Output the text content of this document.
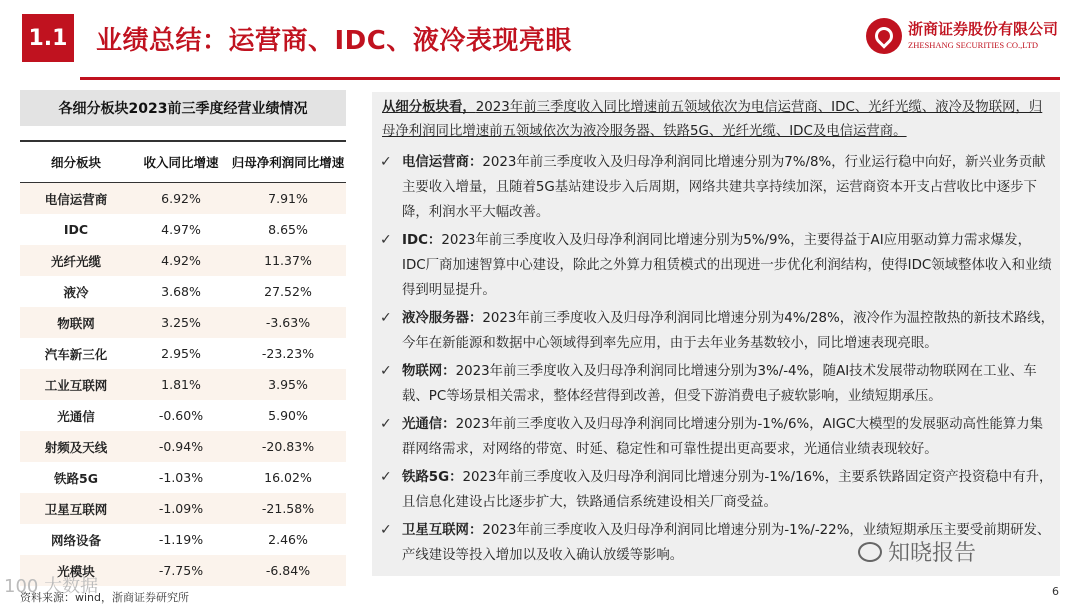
1.1 业绩总结：运营商、IDC、液冷表现亮眼	浙商证券股份有限公司
ZHESHANG SECURITIES CO.,LTD
各细分板块2023前三季度经营业绩情况
细分板块	收入同比增速	归母净利润同比增速
电信运营商	6.92%	7.91%
IDC	4.97%	8.65%
光纤光缆	4.92%	11.37%
液冷	3.68%	27.52%
物联网	3.25%	-3.63%
汽车新三化	2.95%	-23.23%
工业互联网	1.81%	3.95%
光通信	-0.60%	5.90%
射频及天线	-0.94%	-20.83%
铁路5G	-1.03%	16.02%
卫星互联网	-1.09%	-21.58%
网络设备	-1.19%	2.46%
光模块	-7.75%	-6.84%
资料来源：wind，浙商证券研究所
从细分板块看，2023年前三季度收入同比增速前五领域依次为电信运营商、IDC、光纤光缆、液冷及物联网，归母净利润同比增速前五领域依次为液冷服务器、铁路5G、光纤光缆、IDC及电信运营商。
✓ 电信运营商：2023年前三季度收入及归母净利润同比增速分别为7%/8%，行业运行稳中向好，新兴业务贡献主要收入增量，且随着5G基站建设步入后周期，网络共建共享持续加深，运营商资本开支占营收比中逐步下降，利润水平大幅改善。
✓ IDC：2023年前三季度收入及归母净利润同比增速分别为5%/9%，主要得益于AI应用驱动算力需求爆发，IDC厂商加速智算中心建设，除此之外算力租赁模式的出现进一步优化利润结构，使得IDC领域整体收入和业绩得到明显提升。
✓ 液冷服务器：2023年前三季度收入及归母净利润同比增速分别为4%/28%，液冷作为温控散热的新技术路线，今年在新能源和数据中心领域得到率先应用，由于去年业务基数较小，同比增速表现亮眼。
✓ 物联网：2023年前三季度收入及归母净利润同比增速分别为3%/-4%，随AI技术发展带动物联网在工业、车载、PC等场景相关需求，整体经营得到改善，但受下游消费电子疲软影响，业绩短期承压。
✓ 光通信：2023年前三季度收入及归母净利润同比增速分别为-1%/6%，AIGC大模型的发展驱动高性能算力集群网络需求，对网络的带宽、时延、稳定性和可靠性提出更高要求，光通信业绩表现较好。
✓ 铁路5G：2023年前三季度收入及归母净利润同比增速分别为-1%/16%，主要系铁路固定资产投资稳中有升，且信息化建设占比逐步扩大，铁路通信系统建设相关厂商受益。
✓ 卫星互联网：2023年前三季度收入及归母净利润同比增速分别为-1%/-22%，业绩短期承压主要受前期研发、产线建设等投入增加以及收入确认放缓等影响。
100 大数据
知晓报告
6
